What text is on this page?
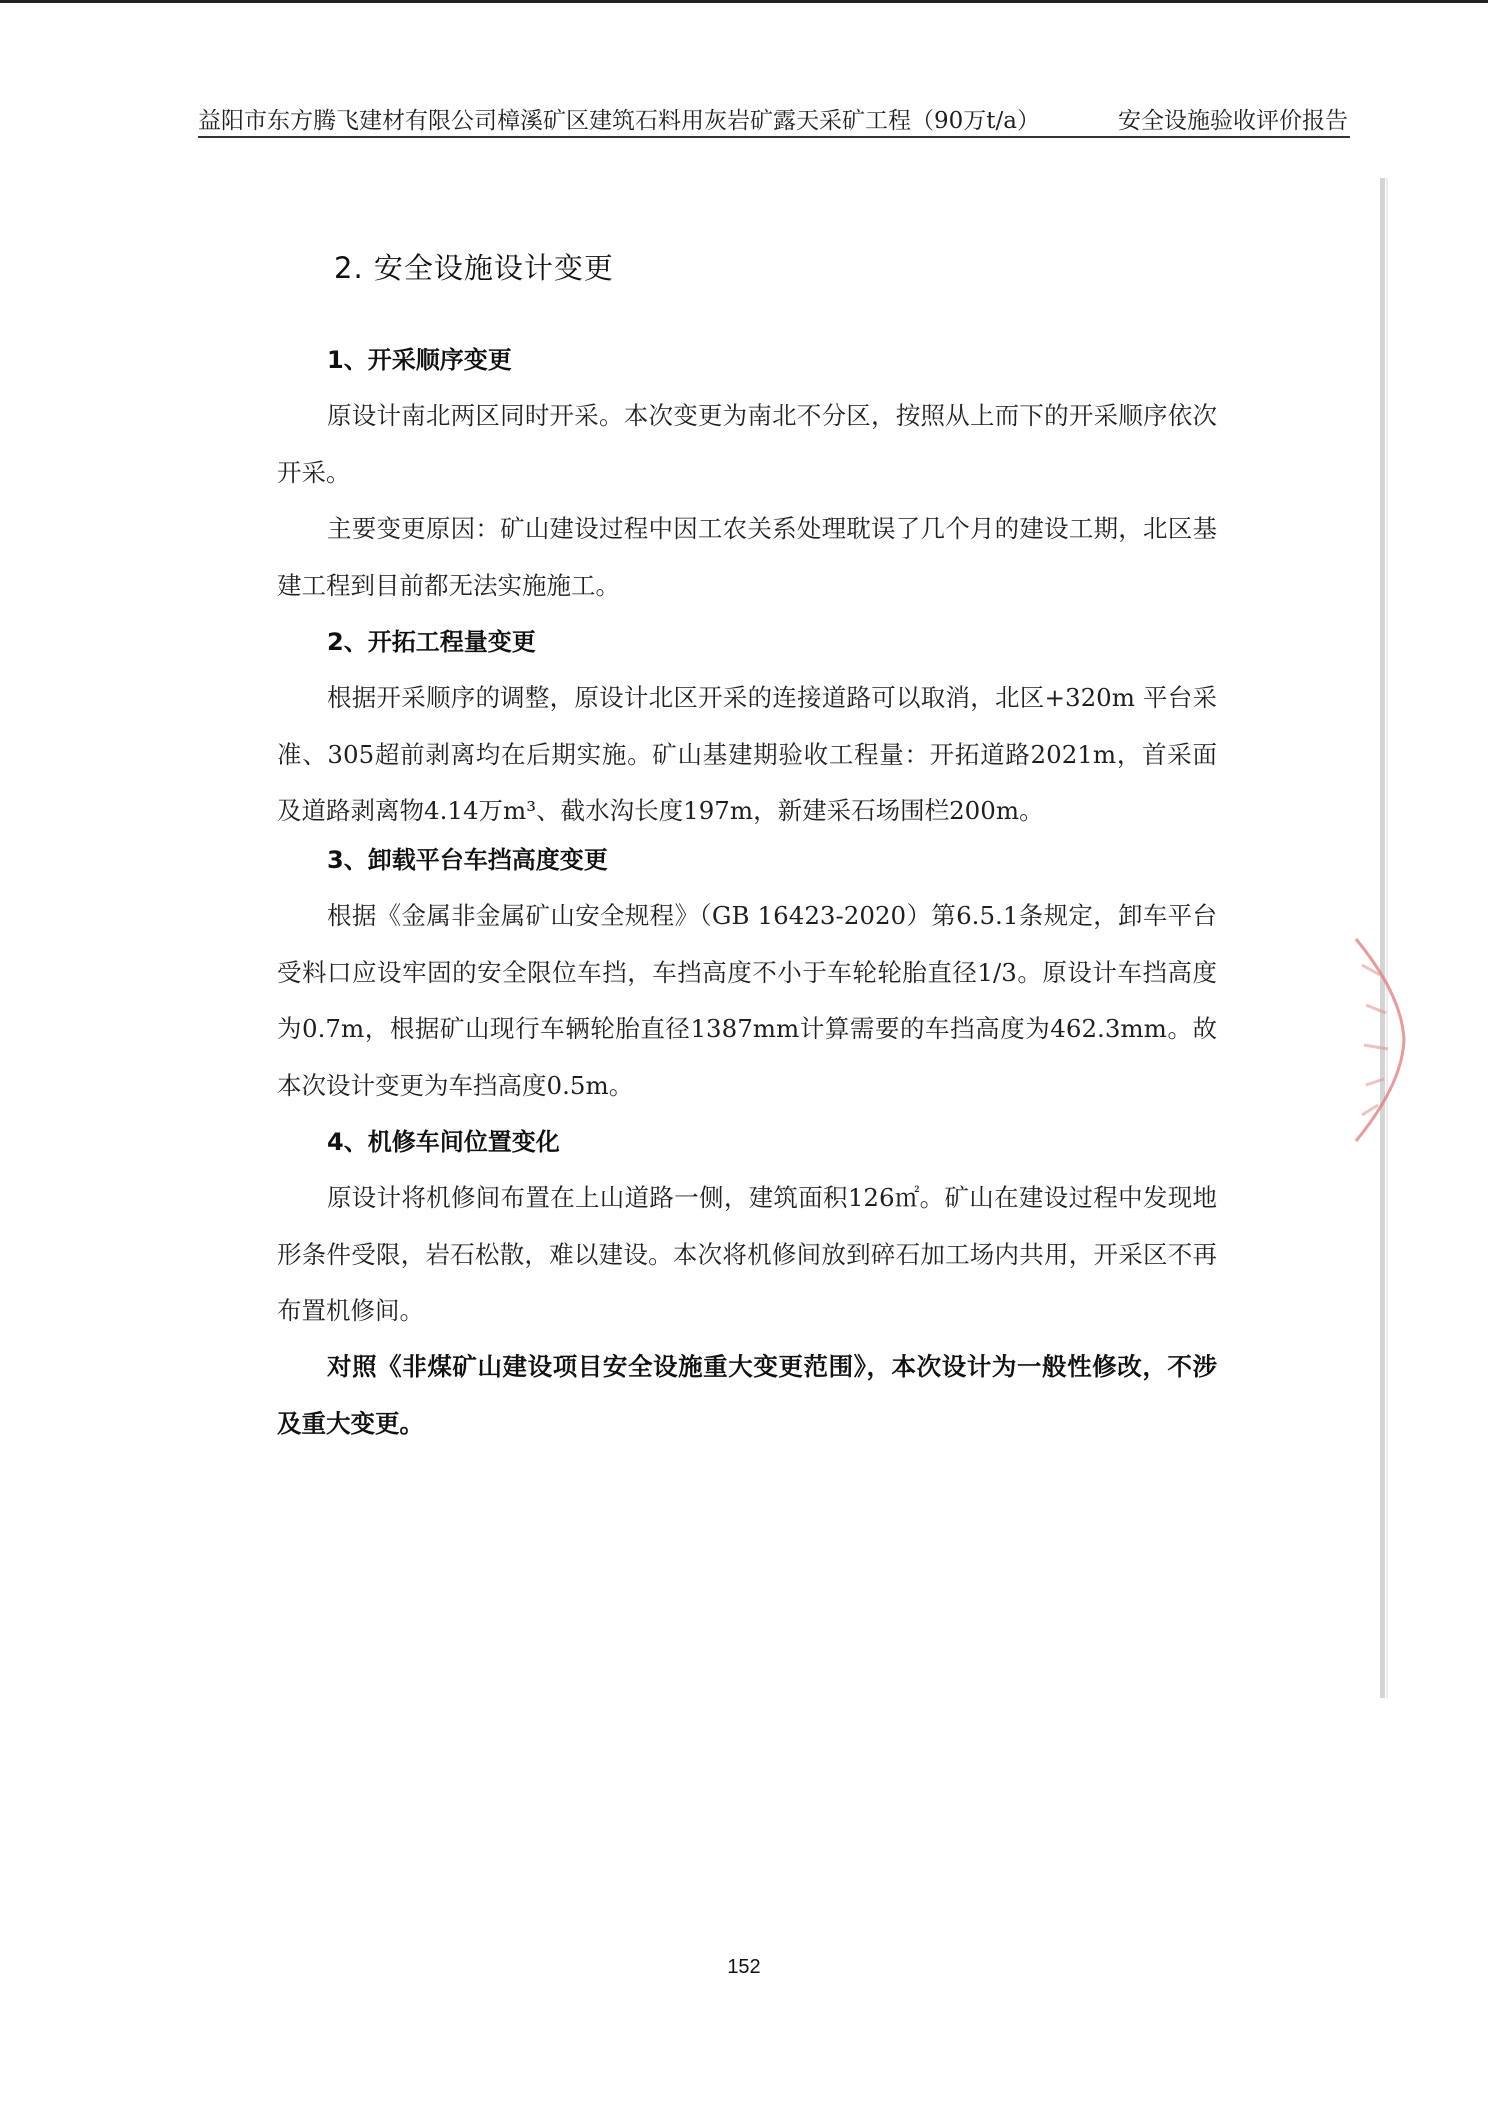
益阳市东方腾飞建材有限公司樟溪矿区建筑石料用灰岩矿露天采矿工程（90万t/a）	安全设施验收评价报告
2. 安全设施设计变更
1、开采顺序变更
原设计南北两区同时开采。本次变更为南北不分区，按照从上而下的开采顺序依次开采。
主要变更原因：矿山建设过程中因工农关系处理耽误了几个月的建设工期，北区基建工程到目前都无法实施施工。
2、开拓工程量变更
根据开采顺序的调整，原设计北区开采的连接道路可以取消，北区+320m 平台采准、305超前剥离均在后期实施。矿山基建期验收工程量：开拓道路2021m，首采面及道路剥离物4.14万m³、截水沟长度197m，新建采石场围栏200m。
3、卸载平台车挡高度变更
根据《金属非金属矿山安全规程》（GB 16423-2020）第6.5.1条规定，卸车平台受料口应设牢固的安全限位车挡，车挡高度不小于车轮轮胎直径1/3。原设计车挡高度为0.7m，根据矿山现行车辆轮胎直径1387mm计算需要的车挡高度为462.3mm。故本次设计变更为车挡高度0.5m。
4、机修车间位置变化
原设计将机修间布置在上山道路一侧，建筑面积126㎡。矿山在建设过程中发现地形条件受限，岩石松散，难以建设。本次将机修间放到碎石加工场内共用，开采区不再布置机修间。
对照《非煤矿山建设项目安全设施重大变更范围》，本次设计为一般性修改，不涉及重大变更。
152
